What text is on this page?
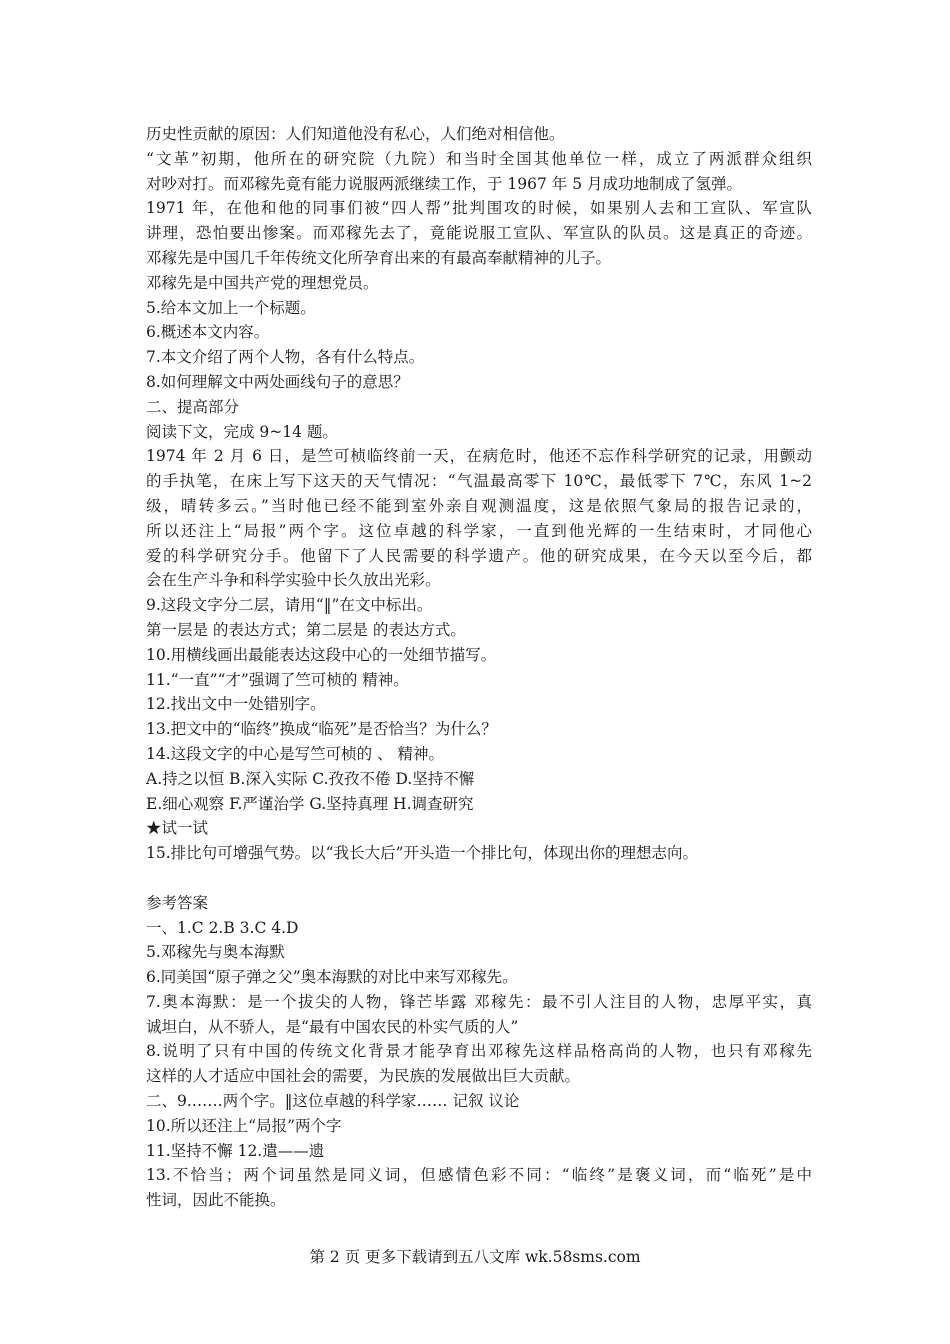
历史性贡献的原因：人们知道他没有私心，人们绝对相信他。

“文革”初期，他所在的研究院（九院）和当时全国其他单位一样，成立了两派群众组织

对吵对打。而邓稼先竟有能力说服两派继续工作，于 1967 年 5 月成功地制成了氢弹。

1971 年，在他和他的同事们被“四人帮”批判围攻的时候，如果别人去和工宣队、军宣队

讲理，恐怕要出惨案。而邓稼先去了，竟能说服工宣队、军宣队的队员。这是真正的奇迹。

邓稼先是中国几千年传统文化所孕育出来的有最高奉献精神的儿子。

邓稼先是中国共产党的理想党员。

5.给本文加上一个标题。

6.概述本文内容。

7.本文介绍了两个人物，各有什么特点。

8.如何理解文中两处画线句子的意思？

二、提高部分

阅读下文，完成 9~14 题。

1974 年 2 月 6 日，是竺可桢临终前一天，在病危时，他还不忘作科学研究的记录，用颤动

的手执笔，在床上写下这天的天气情况：“气温最高零下 10℃，最低零下 7℃，东风 1~2

级，晴转多云。”当时他已经不能到室外亲自观测温度，这是依照气象局的报告记录的，

所以还注上“局报”两个字。这位卓越的科学家，一直到他光辉的一生结束时，才同他心

爱的科学研究分手。他留下了人民需要的科学遗产。他的研究成果，在今天以至今后，都

会在生产斗争和科学实验中长久放出光彩。

9.这段文字分二层，请用“‖”在文中标出。

第一层是 的表达方式；第二层是 的表达方式。

10.用横线画出最能表达这段中心的一处细节描写。

11.“一直”“才”强调了竺可桢的 精神。

12.找出文中一处错别字。

13.把文中的“临终”换成“临死”是否恰当？为什么？

14.这段文字的中心是写竺可桢的 、 精神。

A.持之以恒 B.深入实际 C.孜孜不倦 D.坚持不懈

E.细心观察 F.严谨治学 G.坚持真理 H.调查研究

★试一试

15.排比句可增强气势。以“我长大后”开头造一个排比句，体现出你的理想志向。

参考答案

一、1.C 2.B 3.C 4.D

5.邓稼先与奥本海默

6.同美国“原子弹之父”奥本海默的对比中来写邓稼先。

7.奥本海默：是一个拔尖的人物，锋芒毕露 邓稼先：最不引人注目的人物，忠厚平实，真

诚坦白，从不骄人，是“最有中国农民的朴实气质的人”

8.说明了只有中国的传统文化背景才能孕育出邓稼先这样品格高尚的人物，也只有邓稼先

这样的人才适应中国社会的需要，为民族的发展做出巨大贡献。

二、9.……两个字。‖这位卓越的科学家…… 记叙 议论

10.所以还注上“局报”两个字

11.坚持不懈 12.遣——遗

13.不恰当；两个词虽然是同义词，但感情色彩不同：“临终”是褒义词，而“临死”是中

性词，因此不能换。

第 2 页 更多下载请到五八文库 wk.58sms.com
